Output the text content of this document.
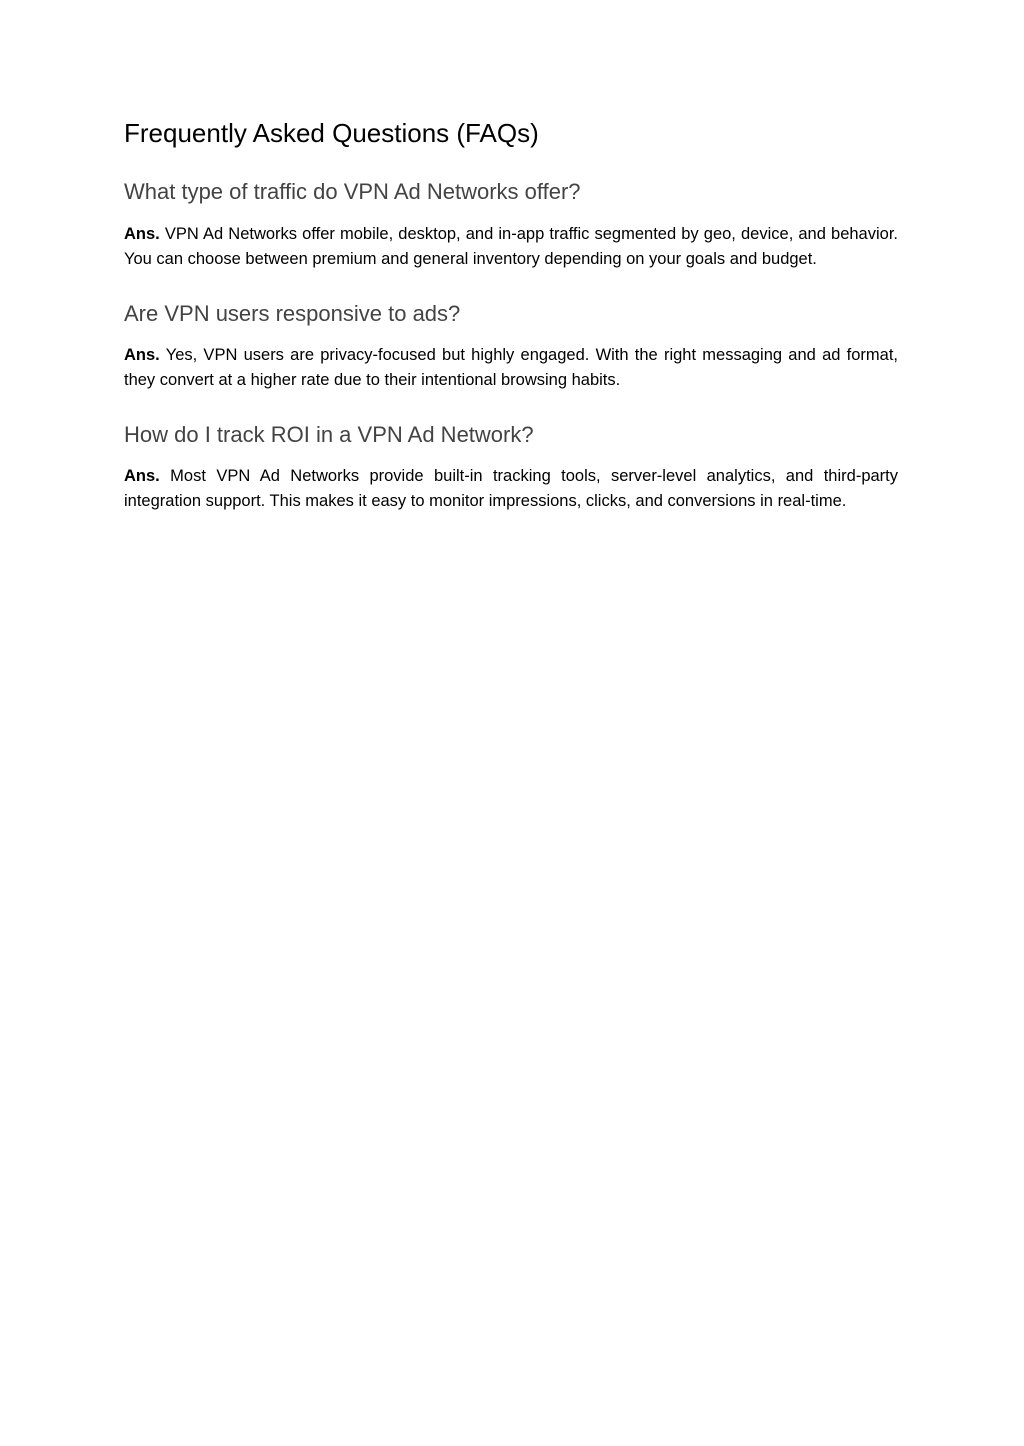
Frequently Asked Questions (FAQs)
What type of traffic do VPN Ad Networks offer?

Ans. VPN Ad Networks offer mobile, desktop, and in-app traffic segmented by geo, device, and behavior. You can choose between premium and general inventory depending on your goals and budget.

Are VPN users responsive to ads?

Ans. Yes, VPN users are privacy-focused but highly engaged. With the right messaging and ad format, they convert at a higher rate due to their intentional browsing habits.

How do I track ROI in a VPN Ad Network?

Ans. Most VPN Ad Networks provide built-in tracking tools, server-level analytics, and third-party integration support. This makes it easy to monitor impressions, clicks, and conversions in real-time.
